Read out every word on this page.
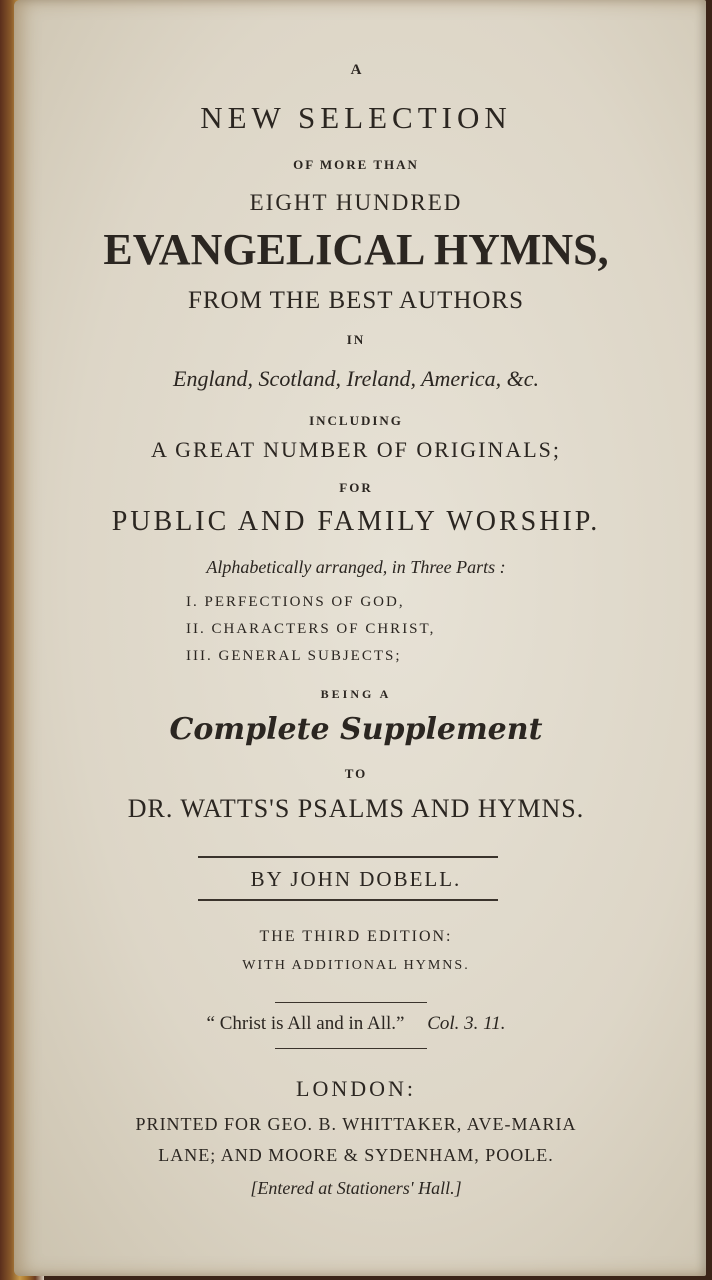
A
NEW SELECTION
OF MORE THAN
EIGHT HUNDRED
EVANGELICAL HYMNS,
FROM THE BEST AUTHORS
IN
England, Scotland, Ireland, America, &c.
INCLUDING
A GREAT NUMBER OF ORIGINALS;
FOR
PUBLIC AND FAMILY WORSHIP.
Alphabetically arranged, in Three Parts :
I. PERFECTIONS OF GOD,
II. CHARACTERS OF CHRIST,
III. GENERAL SUBJECTS;
BEING A
Complete Supplement
TO
DR. WATTS'S PSALMS AND HYMNS.
BY JOHN DOBELL.
THE THIRD EDITION:
WITH ADDITIONAL HYMNS.
“ Christ is All and in All.” Col. 3. 11.
LONDON:
PRINTED FOR GEO. B. WHITTAKER, AVE-MARIA
LANE; AND MOORE & SYDENHAM, POOLE.
[Entered at Stationers' Hall.]
